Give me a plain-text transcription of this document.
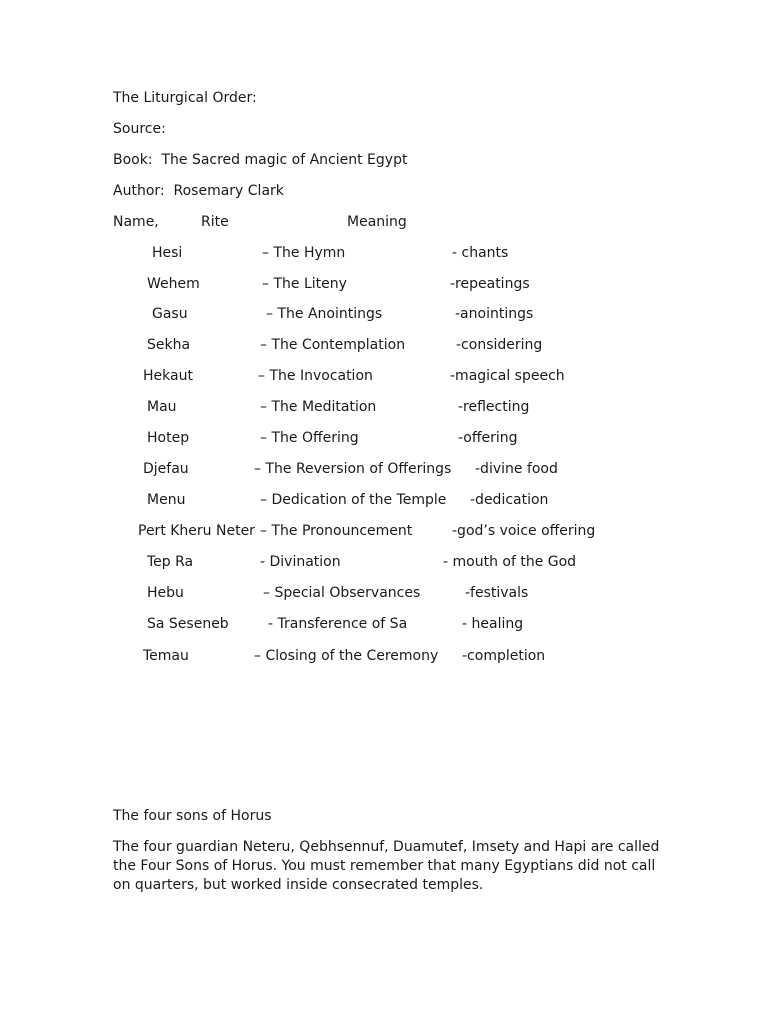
The Liturgical Order:
Source:
Book:  The Sacred magic of Ancient Egypt
Author:  Rosemary Clark
Name,	Rite	Meaning
Hesi	– The Hymn	- chants
Wehem	– The Liteny	-repeatings
Gasu	– The Anointings	-anointings
Sekha	– The Contemplation	-considering
Hekaut	– The Invocation	-magical speech
Mau	– The Meditation	-reflecting
Hotep	– The Offering	-offering
Djefau	– The Reversion of Offerings -divine food
Menu	– Dedication of the Temple -dedication
Pert Kheru Neter – The Pronouncement	-god’s voice offering
Tep Ra	- Divination	- mouth of the God
Hebu	– Special Observances	-festivals
Sa Seseneb	- Transference of Sa	- healing
Temau	– Closing of the Ceremony -completion
The four sons of Horus
The four guardian Neteru, Qebhsennuf, Duamutef, Imsety and Hapi are called the Four Sons of Horus. You must remember that many Egyptians did not call on quarters, but worked inside consecrated temples.
